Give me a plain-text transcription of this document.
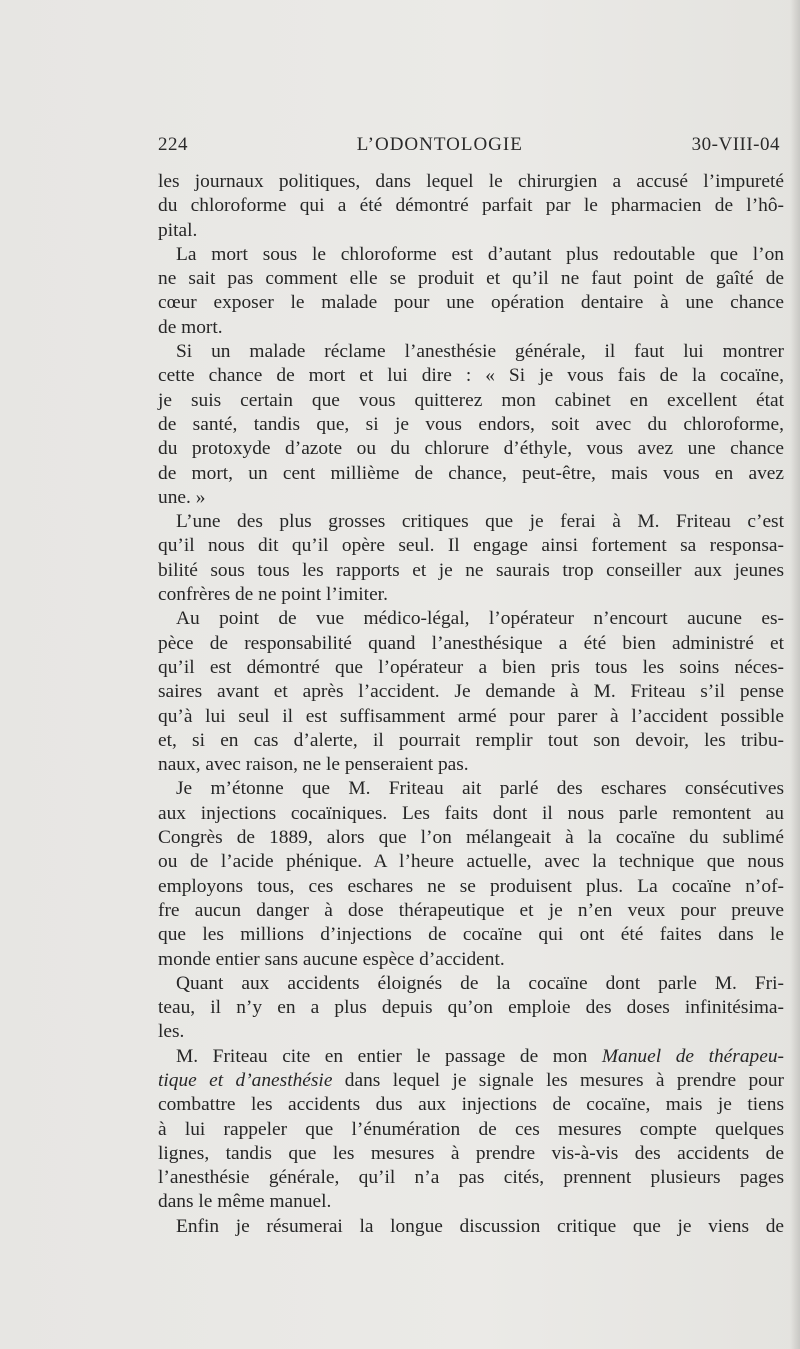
224	L’ODONTOLOGIE	30-VIII-04
les journaux politiques, dans lequel le chirurgien a accusé l’impureté
du chloroforme qui a été démontré parfait par le pharmacien de l’hô-
pital.
La mort sous le chloroforme est d’autant plus redoutable que l’on
ne sait pas comment elle se produit et qu’il ne faut point de gaîté de
cœur exposer le malade pour une opération dentaire à une chance
de mort.
Si un malade réclame l’anesthésie générale, il faut lui montrer
cette chance de mort et lui dire : « Si je vous fais de la cocaïne,
je suis certain que vous quitterez mon cabinet en excellent état
de santé, tandis que, si je vous endors, soit avec du chloroforme,
du protoxyde d’azote ou du chlorure d’éthyle, vous avez une chance
de mort, un cent millième de chance, peut-être, mais vous en avez
une. »
L’une des plus grosses critiques que je ferai à M. Friteau c’est
qu’il nous dit qu’il opère seul. Il engage ainsi fortement sa responsa-
bilité sous tous les rapports et je ne saurais trop conseiller aux jeunes
confrères de ne point l’imiter.
Au point de vue médico-légal, l’opérateur n’encourt aucune es-
pèce de responsabilité quand l’anesthésique a été bien administré et
qu’il est démontré que l’opérateur a bien pris tous les soins néces-
saires avant et après l’accident. Je demande à M. Friteau s’il pense
qu’à lui seul il est suffisamment armé pour parer à l’accident possible
et, si en cas d’alerte, il pourrait remplir tout son devoir, les tribu-
naux, avec raison, ne le penseraient pas.
Je m’étonne que M. Friteau ait parlé des eschares consécutives
aux injections cocaïniques. Les faits dont il nous parle remontent au
Congrès de 1889, alors que l’on mélangeait à la cocaïne du sublimé
ou de l’acide phénique. A l’heure actuelle, avec la technique que nous
employons tous, ces eschares ne se produisent plus. La cocaïne n’of-
fre aucun danger à dose thérapeutique et je n’en veux pour preuve
que les millions d’injections de cocaïne qui ont été faites dans le
monde entier sans aucune espèce d’accident.
Quant aux accidents éloignés de la cocaïne dont parle M. Fri-
teau, il n’y en a plus depuis qu’on emploie des doses infinitésima-
les.
M. Friteau cite en entier le passage de mon Manuel de thérapeu-
tique et d’anesthésie dans lequel je signale les mesures à prendre pour
combattre les accidents dus aux injections de cocaïne, mais je tiens
à lui rappeler que l’énumération de ces mesures compte quelques
lignes, tandis que les mesures à prendre vis-à-vis des accidents de
l’anesthésie générale, qu’il n’a pas cités, prennent plusieurs pages
dans le même manuel.
Enfin je résumerai la longue discussion critique que je viens de
